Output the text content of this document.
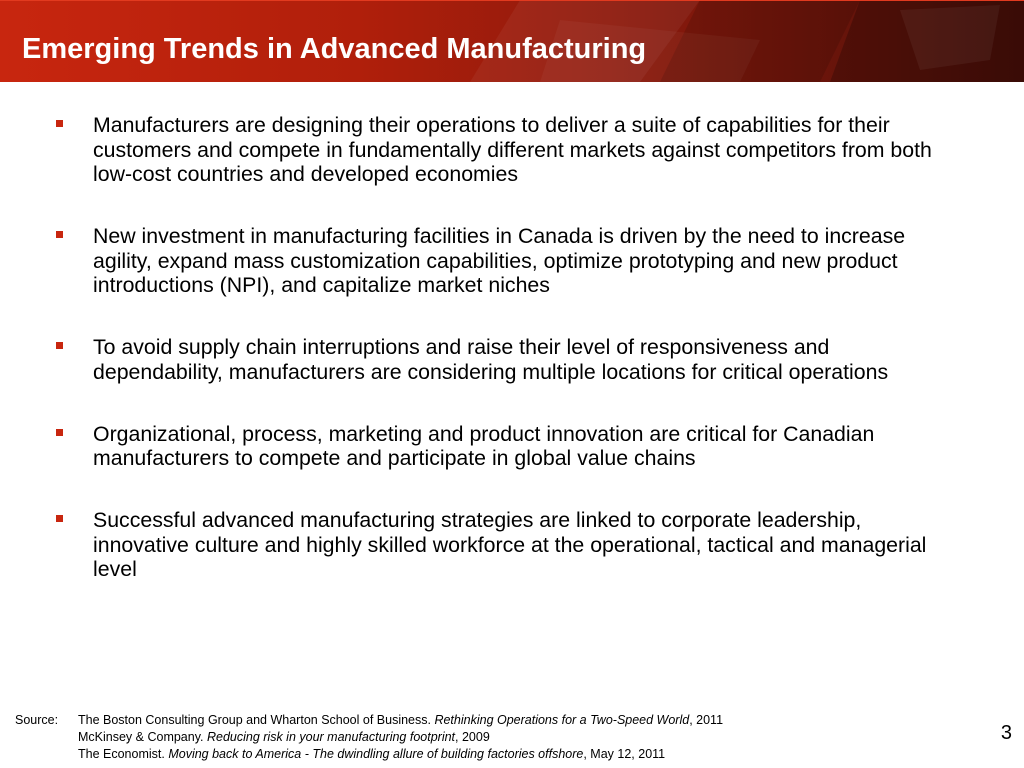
Emerging Trends in Advanced Manufacturing
Manufacturers are designing their operations to deliver a suite of capabilities for their customers and compete in fundamentally different markets against competitors from both low-cost countries and developed economies
New investment in manufacturing facilities in Canada is driven by the need to increase agility, expand mass customization capabilities, optimize prototyping and new product introductions (NPI), and capitalize market niches
To avoid supply chain interruptions and raise their level of responsiveness and dependability, manufacturers are considering multiple locations for critical operations
Organizational, process, marketing and product innovation are critical for Canadian manufacturers to compete and participate in global value chains
Successful advanced manufacturing strategies are linked to corporate leadership, innovative culture and highly skilled workforce at the operational, tactical and managerial level
Source:	The Boston Consulting Group and Wharton School of Business. Rethinking Operations for a Two-Speed World, 2011
McKinsey & Company. Reducing risk in your manufacturing footprint, 2009
The Economist. Moving back to America - The dwindling allure of building factories offshore, May 12, 2011
3
